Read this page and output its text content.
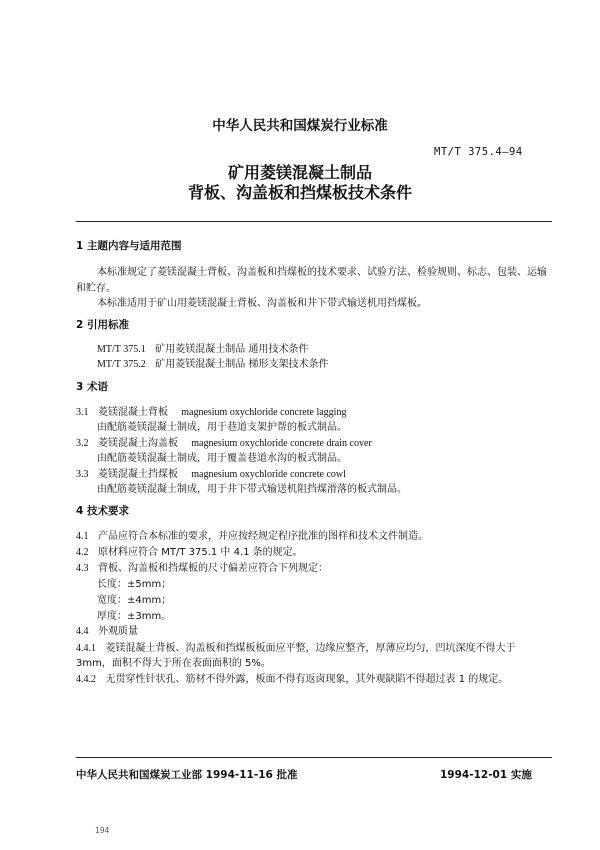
中华人民共和国煤炭行业标准
MT/T 375.4—94
矿用菱镁混凝土制品
背板、沟盖板和挡煤板技术条件
1 主题内容与适用范围
本标准规定了菱镁混凝土背板、沟盖板和挡煤板的技术要求、试验方法、检验规则、标志、包装、运输
和贮存。
本标准适用于矿山用菱镁混凝土背板、沟盖板和井下带式输送机用挡煤板。
2 引用标准
MT/T 375.1 矿用菱镁混凝土制品 通用技术条件
MT/T 375.2 矿用菱镁混凝土制品 梯形支架技术条件
3 术语
3.1 菱镁混凝土背板 magnesium oxychloride concrete lagging
由配筋菱镁混凝土制成，用于巷道支架护帮的板式制品。
3.2 菱镁混凝土沟盖板 magnesium oxychloride concrete drain cover
由配筋菱镁混凝土制成，用于覆盖巷道水沟的板式制品。
3.3 菱镁混凝土挡煤板 magnesium oxychloride concrete cowl
由配筋菱镁混凝土制成，用于井下带式输送机阻挡煤滑落的板式制品。
4 技术要求
4.1 产品应符合本标准的要求，并应按经规定程序批准的图样和技术文件制造。
4.2 原材料应符合 MT/T 375.1 中 4.1 条的规定。
4.3 背板、沟盖板和挡煤板的尺寸偏差应符合下列规定：
长度：±5mm；
宽度：±4mm；
厚度：±3mm。
4.4 外观质量
4.4.1 菱镁混凝土背板、沟盖板和挡煤板板面应平整，边缘应整齐，厚薄应均匀，凹坑深度不得大于
3mm，面积不得大于所在表面面积的 5%。
4.4.2 无贯穿性针状孔、筋材不得外露，板面不得有返卤现象，其外观缺陷不得超过表 1 的规定。
中华人民共和国煤炭工业部 1994-11-16 批准	1994-12-01 实施
194
